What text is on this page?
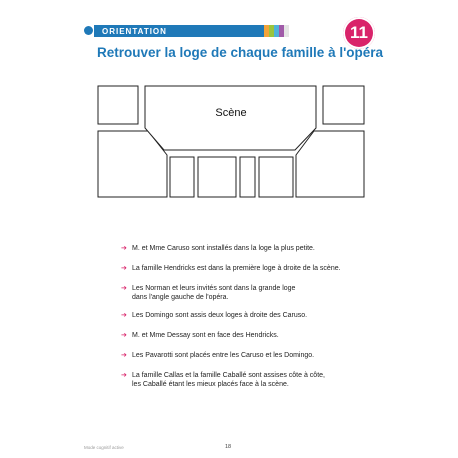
ORIENTATION	11
Retrouver la loge de chaque famille à l'opéra
Scène
➔ M. et Mme Caruso sont installés dans la loge la plus petite.
➔ La famille Hendricks est dans la première loge à droite de la scène.
➔ Les Norman et leurs invités sont dans la grande loge
dans l'angle gauche de l'opéra.
➔ Les Domingo sont assis deux loges à droite des Caruso.
➔ M. et Mme Dessay sont en face des Hendricks.
➔ Les Pavarotti sont placés entre les Caruso et les Domingo.
➔ La famille Callas et la famille Caballé sont assises côte à côte,
les Caballé étant les mieux placés face à la scène.
Mode cognitif active	18
